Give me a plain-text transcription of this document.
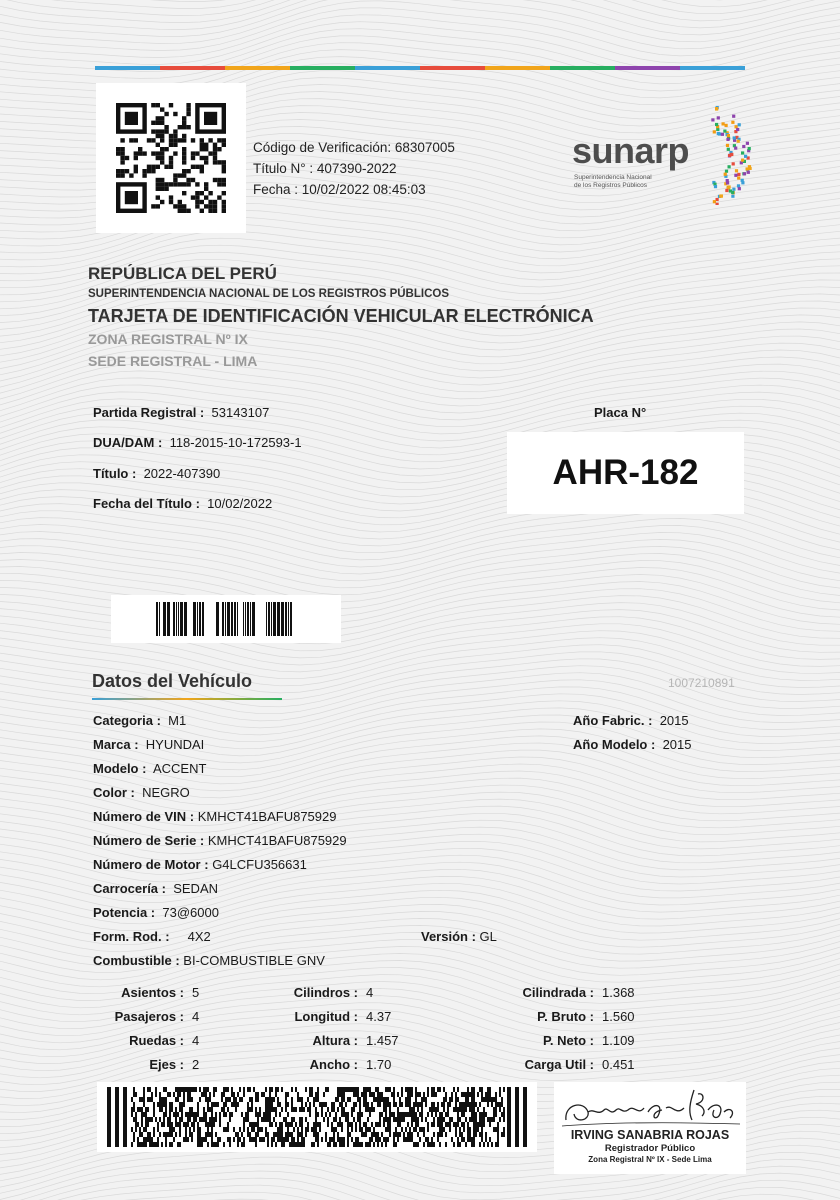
Código de Verificación: 68307005
Título N° : 407390-2022
Fecha : 10/02/2022 08:45:03
sunarp
Superintendencia Nacional
de los Registros Públicos
REPÚBLICA DEL PERÚ
SUPERINTENDENCIA NACIONAL DE LOS REGISTROS PÚBLICOS
TARJETA DE IDENTIFICACIÓN VEHICULAR ELECTRÓNICA
ZONA REGISTRAL Nº IX
SEDE REGISTRAL - LIMA
Partida Registral : 53143107
DUA/DAM : 118-2015-10-172593-1
Título : 2022-407390
Fecha del Título : 10/02/2022
Placa N°
AHR-182
Datos del Vehículo	1007210891
Categoria : M1
Marca : HYUNDAI
Modelo : ACCENT
Color : NEGRO
Número de VIN : KMHCT41BAFU875929
Número de Serie : KMHCT41BAFU875929
Número de Motor : G4LCFU356631
Carrocería : SEDAN
Potencia : 73@6000
Form. Rod. : 4X2
Combustible : BI-COMBUSTIBLE GNV
Versión : GL
Año Fabric. : 2015
Año Modelo : 2015
Asientos : 5
Pasajeros : 4
Ruedas : 4
Ejes : 2
Cilindros : 4
Longitud : 4.37
Altura : 1.457
Ancho : 1.70
Cilindrada : 1.368
P. Bruto : 1.560
P. Neto : 1.109
Carga Util : 0.451
IRVING SANABRIA ROJAS
Registrador Público
Zona Registral Nº IX - Sede Lima
